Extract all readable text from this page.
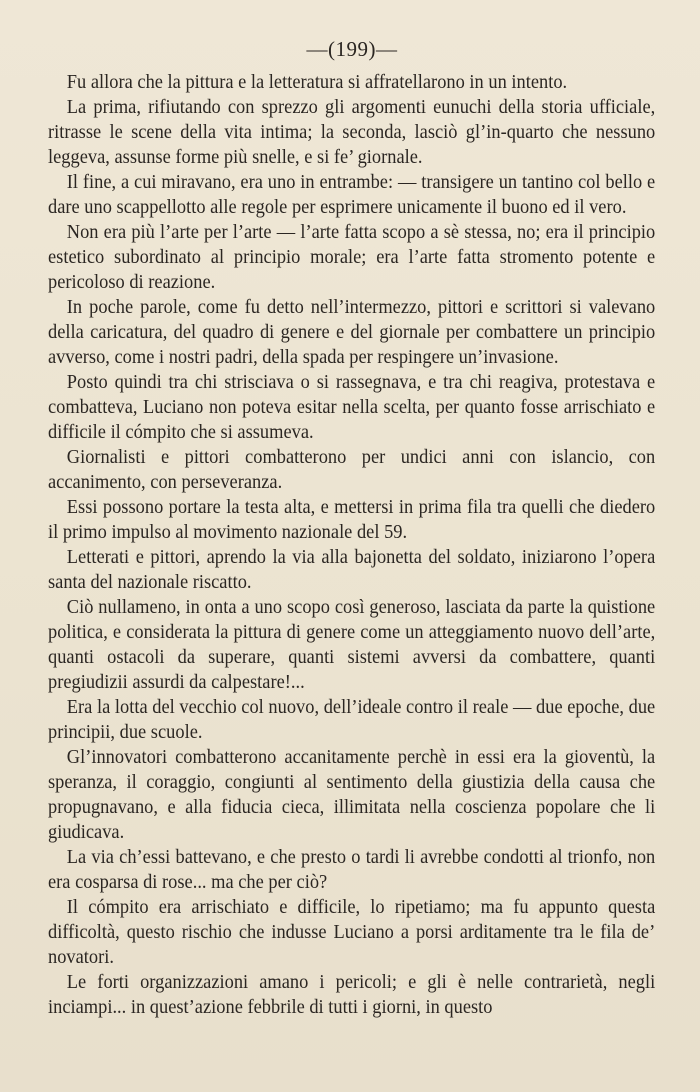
—(199)—

Fu allora che la pittura e la letteratura si affratellarono in un intento.

La prima, rifiutando con sprezzo gli argomenti eunuchi della storia ufficiale, ritrasse le scene della vita intima; la seconda, lasciò gl’in-quarto che nessuno leggeva, assunse forme più snelle, e si fe’ giornale.

Il fine, a cui miravano, era uno in entrambe: — transigere un tantino col bello e dare uno scappellotto alle regole per esprimere unicamente il buono ed il vero.

Non era più l’arte per l’arte — l’arte fatta scopo a sè stessa, no; era il principio estetico subordinato al principio morale; era l’arte fatta stromento potente e pericoloso di reazione.

In poche parole, come fu detto nell’intermezzo, pittori e scrittori si valevano della caricatura, del quadro di genere e del giornale per combattere un principio avverso, come i nostri padri, della spada per respingere un’invasione.

Posto quindi tra chi strisciava o si rassegnava, e tra chi reagiva, protestava e combatteva, Luciano non poteva esitar nella scelta, per quanto fosse arrischiato e difficile il cómpito che si assumeva.

Giornalisti e pittori combatterono per undici anni con islancio, con accanimento, con perseveranza.

Essi possono portare la testa alta, e mettersi in prima fila tra quelli che diedero il primo impulso al movimento nazionale del 59.

Letterati e pittori, aprendo la via alla bajonetta del soldato, iniziarono l’opera santa del nazionale riscatto.

Ciò nullameno, in onta a uno scopo così generoso, lasciata da parte la quistione politica, e considerata la pittura di genere come un atteggiamento nuovo dell’arte, quanti ostacoli da superare, quanti sistemi avversi da combattere, quanti pregiudizii assurdi da calpestare!...

Era la lotta del vecchio col nuovo, dell’ideale contro il reale — due epoche, due principii, due scuole.

Gl’innovatori combatterono accanitamente perchè in essi era la gioventù, la speranza, il coraggio, congiunti al sentimento della giustizia della causa che propugnavano, e alla fiducia cieca, illimitata nella coscienza popolare che li giudicava.

La via ch’essi battevano, e che presto o tardi li avrebbe condotti al trionfo, non era cosparsa di rose... ma che per ciò?

Il cómpito era arrischiato e difficile, lo ripetiamo; ma fu appunto questa difficoltà, questo rischio che indusse Luciano a porsi arditamente tra le fila de’ novatori.

Le forti organizzazioni amano i pericoli; e gli è nelle contrarietà, negli inciampi... in quest’azione febbrile di tutti i giorni, in questo
